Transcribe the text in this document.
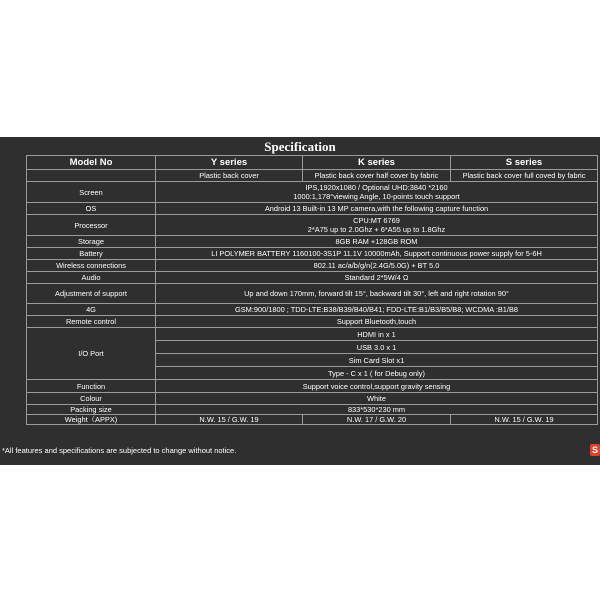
Specification
Model No	Y series	K series	S series
	Plastic back cover	Plastic back cover half cover by fabric	Plastic back cover full coved by fabric
Screen	IPS,1920x1080 / Optional UHD:3840 *2160
1000:1,178°viewing Angle, 10-points touch support		

OS	Android 13 Built-in 13 MP camera,with the following capture function		
Processor	CPU:MT 6769
2*A75 up to 2.0Ghz + 6*A55 up to 1.8Ghz		

Storage	8GB RAM +128GB ROM		
Battery	LI POLYMER BATTERY 1160100-3S1P 11.1V 10000mAh, Support continuous power supply for 5-6H		
Wireless connections	802.11 ac/a/b/g/n(2.4G/5.0G) + BT 5.0		
Audio	Standard 2*5W/4 Ω		
Adjustment of support	Up and down 170mm, forward tilt 15°, backward tilt 30°, left and right rotation 90°		
4G	GSM:900/1800 ; TDD-LTE:B38/B39/B40/B41; FDD-LTE:B1/B3/B5/B8; WCDMA :B1/B8		
Remote control	Support Bluetooth,touch		
I/O Port	HDMI in x 1		
	USB 3.0 x 1		
	Sim Card Slot x1		
	Type - C x 1 ( for Debug only)		
Function	Support voice control,support gravity sensing		
Colour	White		
Packing size	833*530*230 mm		
Weight（APPX)	N.W. 15 / G.W. 19	N.W. 17 / G.W. 20	N.W. 15 / G.W. 19
*All features and specifications are subjected to change without notice.	S
